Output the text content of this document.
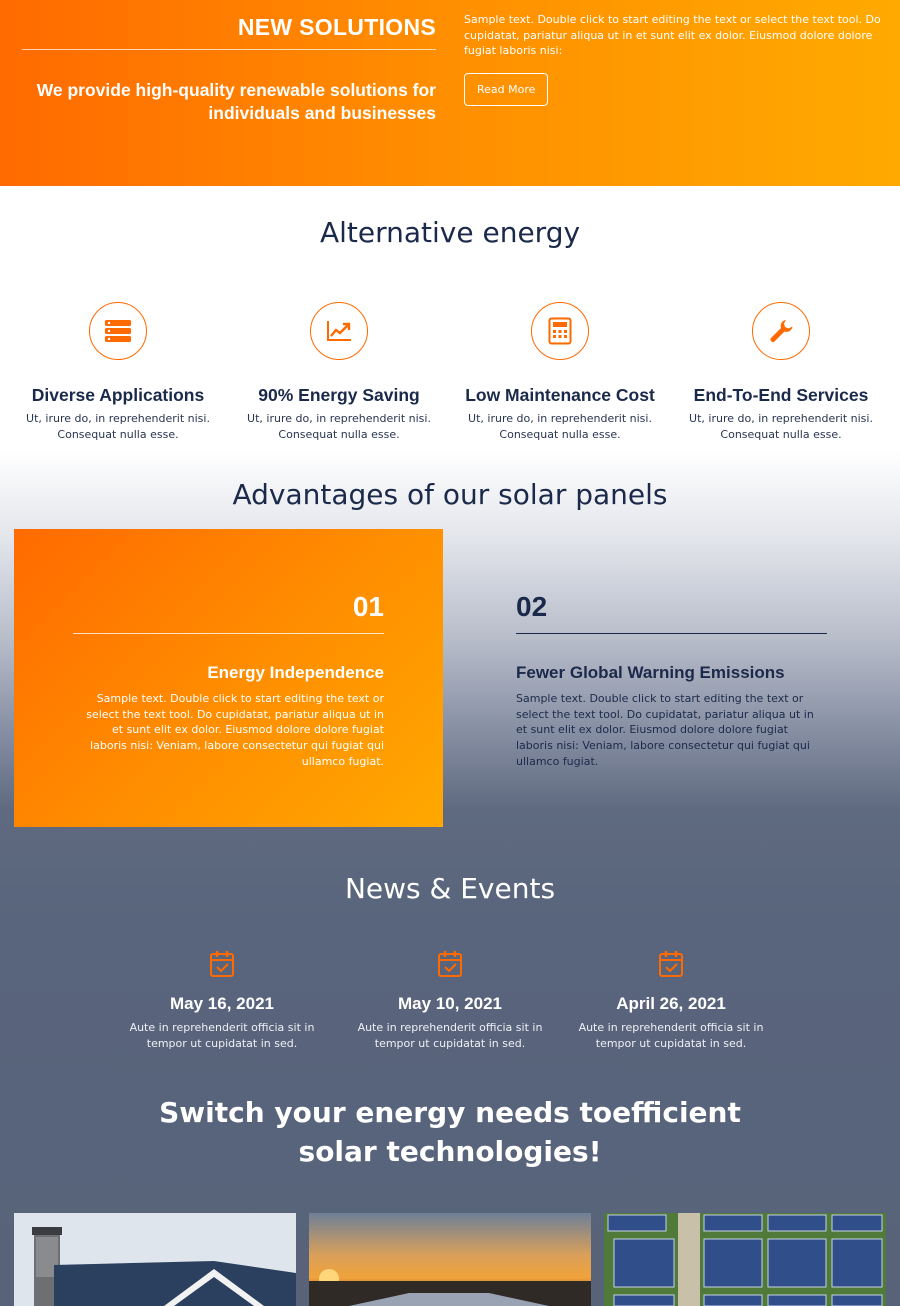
NEW SOLUTIONS

We provide high-quality renewable solutions for individuals and businesses

Sample text. Double click to start editing the text or select the text tool. Do cupidatat, pariatur aliqua ut in et sunt elit ex dolor. Eiusmod dolore dolore fugiat laboris nisi:

Read More
Alternative energy
Diverse Applications

Ut, irure do, in reprehenderit nisi. Consequat nulla esse.

90% Energy Saving

Ut, irure do, in reprehenderit nisi. Consequat nulla esse.

Low Maintenance Cost

Ut, irure do, in reprehenderit nisi. Consequat nulla esse.

End-To-End Services

Ut, irure do, in reprehenderit nisi. Consequat nulla esse.

Advantages of our solar panels
01
Energy Independence

Sample text. Double click to start editing the text or select the text tool. Do cupidatat, pariatur aliqua ut in et sunt elit ex dolor. Eiusmod dolore dolore fugiat laboris nisi: Veniam, labore consectetur qui fugiat qui ullamco fugiat.

02
Fewer Global Warning Emissions

Sample text. Double click to start editing the text or select the text tool. Do cupidatat, pariatur aliqua ut in et sunt elit ex dolor. Eiusmod dolore dolore fugiat laboris nisi: Veniam, labore consectetur qui fugiat qui ullamco fugiat.

News & Events
May 16, 2021

Aute in reprehenderit officia sit in tempor ut cupidatat in sed.

May 10, 2021

Aute in reprehenderit officia sit in tempor ut cupidatat in sed.

April 26, 2021

Aute in reprehenderit officia sit in tempor ut cupidatat in sed.

Switch your energy needs toefficient
solar technologies!
